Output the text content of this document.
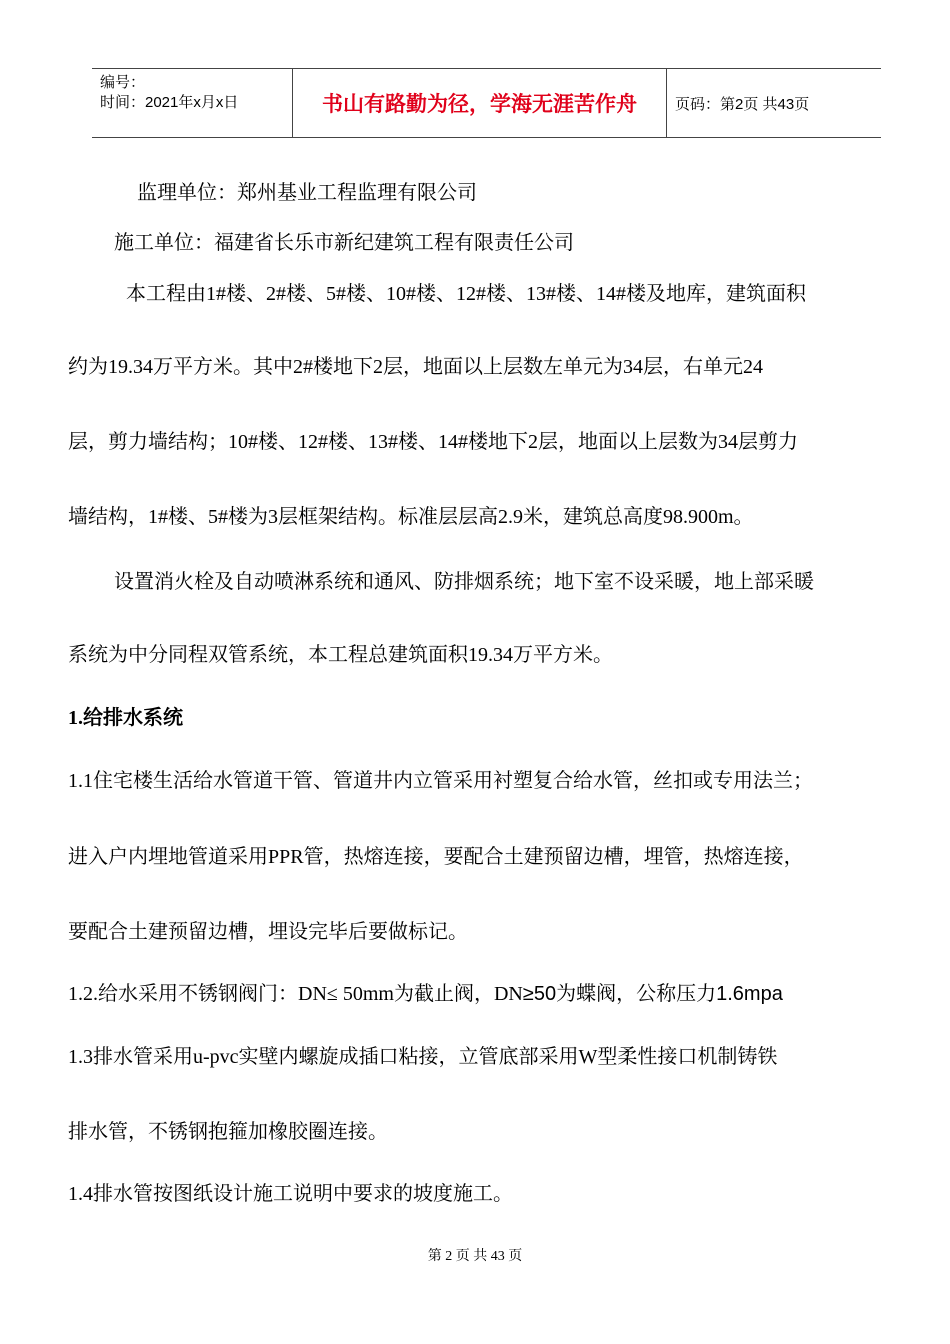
编号：
时间：2021年x月x日	书山有路勤为径，学海无涯苦作舟	页码：第2页 共43页
监理单位：郑州基业工程监理有限公司
施工单位：福建省长乐市新纪建筑工程有限责任公司
本工程由1#楼、2#楼、5#楼、10#楼、12#楼、13#楼、14#楼及地库，建筑面积
约为19.34万平方米。其中2#楼地下2层，地面以上层数左单元为34层，右单元24
层，剪力墙结构；10#楼、12#楼、13#楼、14#楼地下2层，地面以上层数为34层剪力
墙结构，1#楼、5#楼为3层框架结构。标准层层高2.9米，建筑总高度98.900m。
设置消火栓及自动喷淋系统和通风、防排烟系统；地下室不设采暖，地上部采暖
系统为中分同程双管系统，本工程总建筑面积19.34万平方米。
1.给排水系统
1.1住宅楼生活给水管道干管、管道井内立管采用衬塑复合给水管，丝扣或专用法兰；
进入户内埋地管道采用PPR管，热熔连接，要配合土建预留边槽，埋管，热熔连接，
要配合土建预留边槽，埋设完毕后要做标记。
1.2.给水采用不锈钢阀门：DN≤ 50mm为截止阀，DN≥50为蝶阀，公称压力1.6mpa
1.3排水管采用u-pvc实壁内螺旋成插口粘接，立管底部采用W型柔性接口机制铸铁
排水管，不锈钢抱箍加橡胶圈连接。
1.4排水管按图纸设计施工说明中要求的坡度施工。
第 2 页 共 43 页
